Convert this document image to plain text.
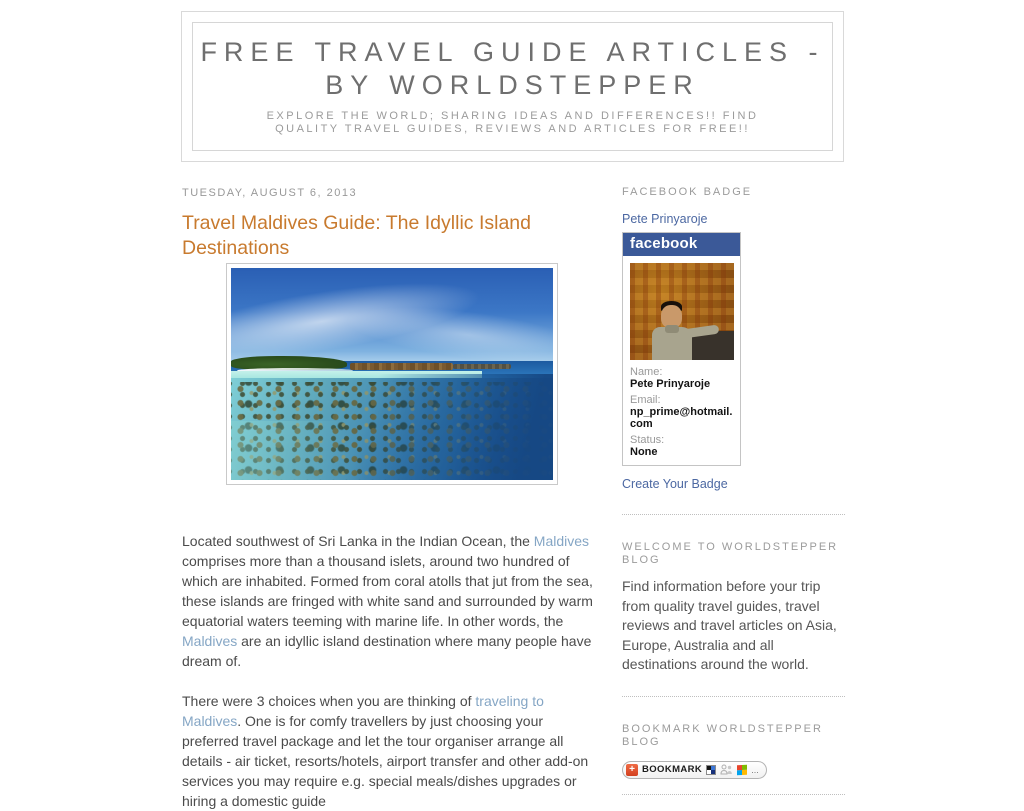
FREE TRAVEL GUIDE ARTICLES -
BY WORLDSTEPPER
EXPLORE THE WORLD; SHARING IDEAS AND DIFFERENCES!! FIND QUALITY TRAVEL GUIDES, REVIEWS AND ARTICLES FOR FREE!!
TUESDAY, AUGUST 6, 2013
Travel Maldives Guide: The Idyllic Island Destinations

Located southwest of Sri Lanka in the Indian Ocean, the Maldives comprises more than a thousand islets, around two hundred of which are inhabited. Formed from coral atolls that jut from the sea, these islands are fringed with white sand and surrounded by warm equatorial waters teeming with marine life. In other words, the Maldives are an idyllic island destination where many people have dream of.

There were 3 choices when you are thinking of traveling to Maldives. One is for comfy travellers by just choosing your preferred travel package and let the tour organiser arrange all details - air ticket, resorts/hotels, airport transfer and other add-on services you may require e.g. special meals/dishes upgrades or hiring a domestic guide

FACEBOOK BADGE
Pete Prinyaroje
facebook
Name:
Pete Prinyaroje
Email:
np_prime@hotmail.com
Status:
None
Create Your Badge
WELCOME TO WORLDSTEPPER BLOG
Find information before your trip from quality travel guides, travel reviews and travel articles on Asia, Europe, Australia and all destinations around the world.
BOOKMARK WORLDSTEPPER BLOG
+ BOOKMARK	...
